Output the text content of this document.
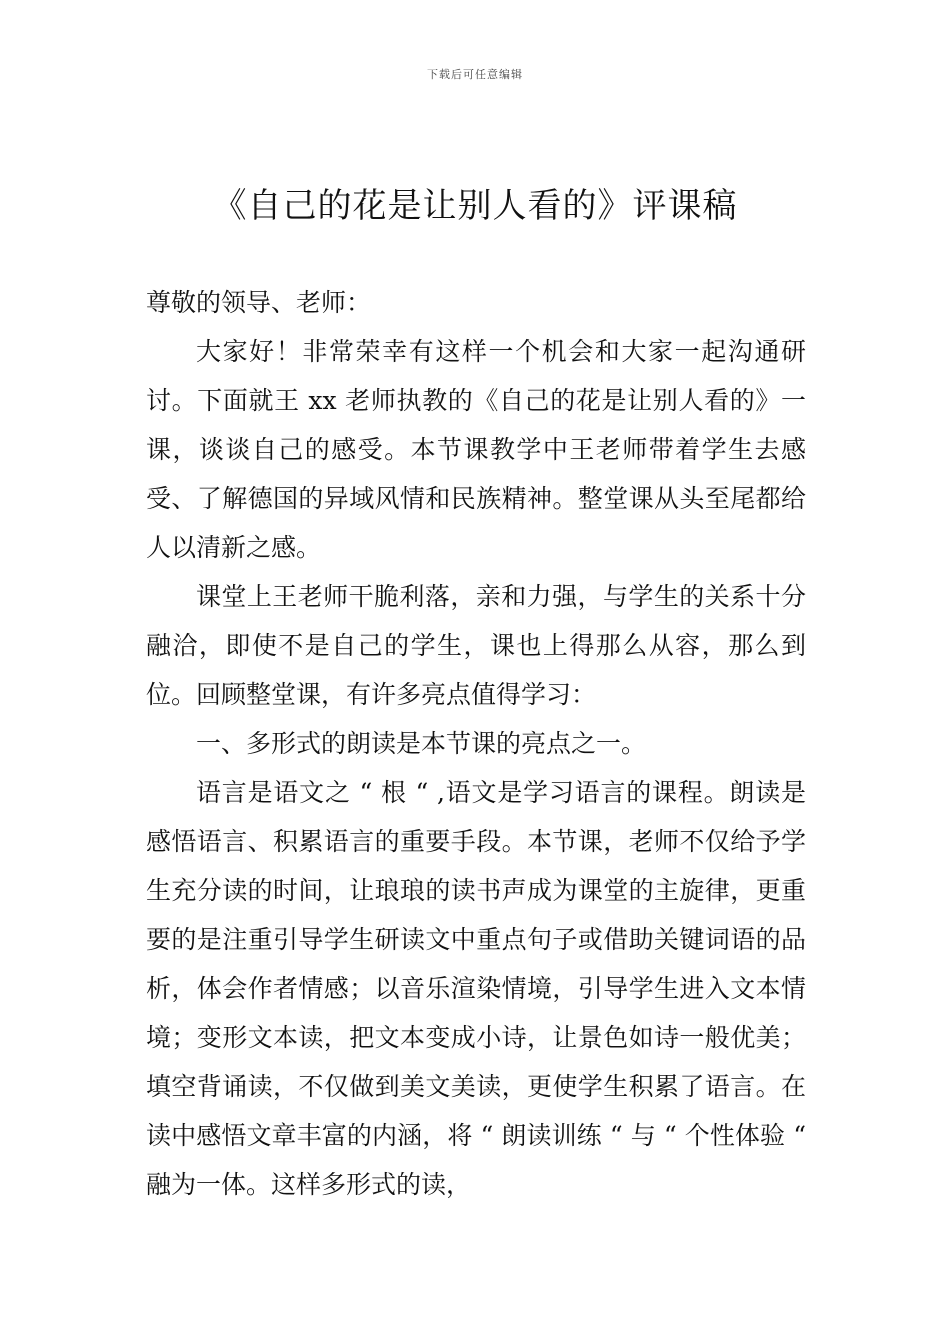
下载后可任意编辑
《自己的花是让别人看的》评课稿

尊敬的领导、老师：

大家好！非常荣幸有这样一个机会和大家一起沟通研讨。下面就王 xx 老师执教的《自己的花是让别人看的》一课，谈谈自己的感受。本节课教学中王老师带着学生去感受、了解德国的异域风情和民族精神。整堂课从头至尾都给人以清新之感。

课堂上王老师干脆利落，亲和力强，与学生的关系十分融洽，即使不是自己的学生，课也上得那么从容，那么到位。回顾整堂课，有许多亮点值得学习：

一、多形式的朗读是本节课的亮点之一。

语言是语文之 “ 根 “ ,语文是学习语言的课程。朗读是感悟语言、积累语言的重要手段。本节课，老师不仅给予学生充分读的时间，让琅琅的读书声成为课堂的主旋律，更重要的是注重引导学生研读文中重点句子或借助关键词语的品析，体会作者情感；以音乐渲染情境，引导学生进入文本情境；变形文本读，把文本变成小诗，让景色如诗一般优美；填空背诵读，不仅做到美文美读，更使学生积累了语言。在读中感悟文章丰富的内涵，将 “ 朗读训练 “ 与 “ 个性体验 “ 融为一体。这样多形式的读，
